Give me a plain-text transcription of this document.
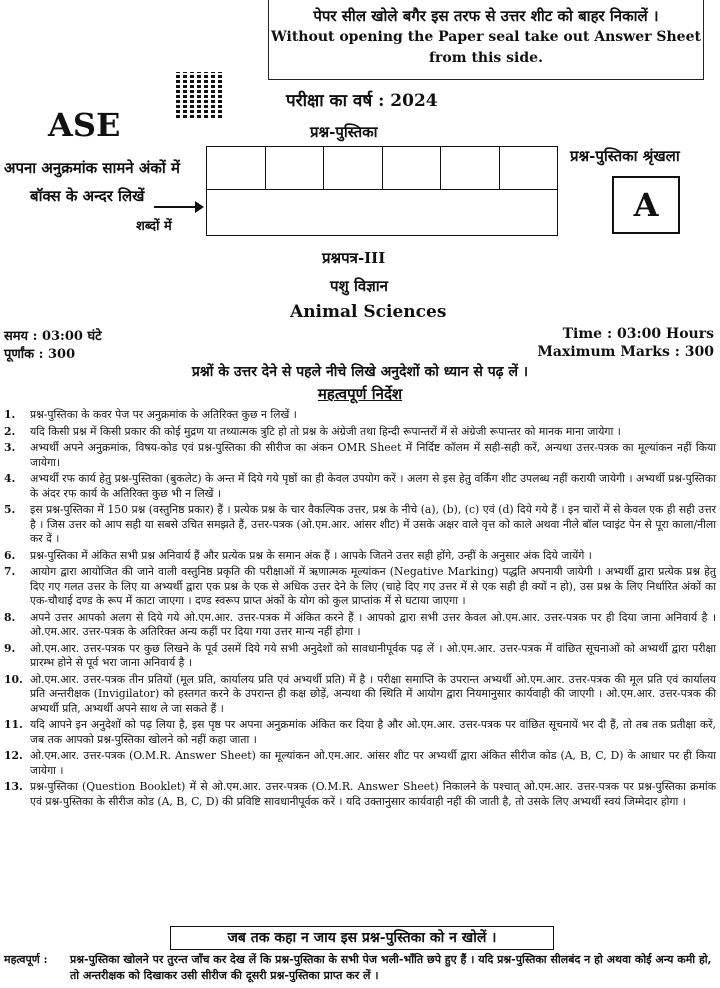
पेपर सील खोले बगैर इस तरफ से उत्तर शीट को बाहर निकालें ।
Without opening the Paper seal take out Answer Sheet
from this side.
ASE
परीक्षा का वर्ष : 2024
प्रश्न-पुस्तिका
प्रश्न-पुस्तिका श्रृंखला
A
अपना अनुक्रमांक सामने अंकों में
बॉक्स के अन्दर लिखें
शब्दों में
प्रश्नपत्र-III
पशु विज्ञान
Animal Sciences
समय : 03:00 घंटे
पूर्णांक : 300
Time : 03:00 Hours
Maximum Marks : 300
प्रश्नों के उत्तर देने से पहले नीचे लिखे अनुदेशों को ध्यान से पढ़ लें ।
महत्वपूर्ण निर्देश
1.	प्रश्न-पुस्तिका के कवर पेज पर अनुक्रमांक के अतिरिक्त कुछ न लिखें ।
2.	यदि किसी प्रश्न में किसी प्रकार की कोई मुद्रण या तथ्यात्मक त्रुटि हो तो प्रश्न के अंग्रेजी तथा हिन्दी रूपान्तरों में से अंग्रेजी रूपान्तर को मानक माना जायेगा ।
3.	अभ्यर्थी अपने अनुक्रमांक, विषय-कोड एवं प्रश्न-पुस्तिका की सीरीज का अंकन OMR Sheet में निर्दिष्ट कॉलम में सही-सही करें, अन्यथा उत्तर-पत्रक का मूल्यांकन नहीं किया जायेगा।
4.	अभ्यर्थी रफ कार्य हेतु प्रश्न-पुस्तिका (बुकलेट) के अन्त में दिये गये पृष्ठों का ही केवल उपयोग करें । अलग से इस हेतु वर्किंग शीट उपलब्ध नहीं करायी जायेगी । अभ्यर्थी प्रश्न-पुस्तिका के अंदर रफ कार्य के अतिरिक्त कुछ भी न लिखें ।
5.	इस प्रश्न-पुस्तिका में 150 प्रश्न (वस्तुनिष्ठ प्रकार) हैं । प्रत्येक प्रश्न के चार वैकल्पिक उत्तर, प्रश्न के नीचे (a), (b), (c) एवं (d) दिये गये हैं । इन चारों में से केवल एक ही सही उत्तर है । जिस उत्तर को आप सही या सबसे उचित समझते हैं, उत्तर-पत्रक (ओ.एम.आर. आंसर शीट) में उसके अक्षर वाले वृत्त को काले अथवा नीले बॉल प्वाइंट पेन से पूरा काला/नीला कर दें ।
6.	प्रश्न-पुस्तिका में अंकित सभी प्रश्न अनिवार्य हैं और प्रत्येक प्रश्न के समान अंक हैं । आपके जितने उत्तर सही होंगे, उन्हीं के अनुसार अंक दिये जायेंगे ।
7.	आयोग द्वारा आयोजित की जाने वाली वस्तुनिष्ठ प्रकृति की परीक्षाओं में ऋणात्मक मूल्यांकन (Negative Marking) पद्धति अपनायी जायेगी । अभ्यर्थी द्वारा प्रत्येक प्रश्न हेतु दिए गए गलत उत्तर के लिए या अभ्यर्थी द्वारा एक प्रश्न के एक से अधिक उत्तर देने के लिए (चाहे दिए गए उत्तर में से एक सही ही क्यों न हो), उस प्रश्न के लिए निर्धारित अंकों का एक-चौथाई दण्ड के रूप में काटा जाएगा । दण्ड स्वरूप प्राप्त अंकों के योग को कुल प्राप्तांक में से घटाया जाएगा ।
8.	अपने उत्तर आपको अलग से दिये गये ओ.एम.आर. उत्तर-पत्रक में अंकित करने हैं । आपको द्वारा सभी उत्तर केवल ओ.एम.आर. उत्तर-पत्रक पर ही दिया जाना अनिवार्य है । ओ.एम.आर. उत्तर-पत्रक के अतिरिक्त अन्य कहीं पर दिया गया उत्तर मान्य नहीं होगा ।
9.	ओ.एम.आर. उत्तर-पत्रक पर कुछ लिखने के पूर्व उसमें दिये गये सभी अनुदेशों को सावधानीपूर्वक पढ़ लें । ओ.एम.आर. उत्तर-पत्रक में वांछित सूचनाओं को अभ्यर्थी द्वारा परीक्षा प्रारम्भ होने से पूर्व भरा जाना अनिवार्य है ।
10. ओ.एम.आर. उत्तर-पत्रक तीन प्रतियों (मूल प्रति, कार्यालय प्रति एवं अभ्यर्थी प्रति) में है । परीक्षा समाप्ति के उपरान्त अभ्यर्थी ओ.एम.आर. उत्तर-पत्रक की मूल प्रति एवं कार्यालय प्रति अन्तरीक्षक (Invigilator) को हस्तगत करने के उपरान्त ही कक्ष छोड़ें, अन्यथा की स्थिति में आयोग द्वारा नियमानुसार कार्यवाही की जाएगी । ओ.एम.आर. उत्तर-पत्रक की अभ्यर्थी प्रति, अभ्यर्थी अपने साथ ले जा सकते हैं ।
11. यदि आपने इन अनुदेशों को पढ़ लिया है, इस पृष्ठ पर अपना अनुक्रमांक अंकित कर दिया है और ओ.एम.आर. उत्तर-पत्रक पर वांछित सूचनायें भर दी हैं, तो तब तक प्रतीक्षा करें, जब तक आपको प्रश्न-पुस्तिका खोलने को नहीं कहा जाता ।
12. ओ.एम.आर. उत्तर-पत्रक (O.M.R. Answer Sheet) का मूल्यांकन ओ.एम.आर. आंसर शीट पर अभ्यर्थी द्वारा अंकित सीरीज कोड (A, B, C, D) के आधार पर ही किया जायेगा ।
13. प्रश्न-पुस्तिका (Question Booklet) में से ओ.एम.आर. उत्तर-पत्रक (O.M.R. Answer Sheet) निकालने के पश्चात् ओ.एम.आर. उत्तर-पत्रक पर प्रश्न-पुस्तिका क्रमांक एवं प्रश्न-पुस्तिका के सीरीज कोड (A, B, C, D) की प्रविष्टि सावधानीपूर्वक करें । यदि उक्तानुसार कार्यवाही नहीं की जाती है, तो उसके लिए अभ्यर्थी स्वयं जिम्मेदार होगा ।
जब तक कहा न जाय इस प्रश्न-पुस्तिका को न खोलें ।
महत्वपूर्ण :	प्रश्न-पुस्तिका खोलने पर तुरन्त जाँच कर देख लें कि प्रश्न-पुस्तिका के सभी पेज भली-भाँति छपे हुए हैं । यदि प्रश्न-पुस्तिका सीलबंद न हो अथवा कोई अन्य कमी हो, तो अन्तरीक्षक को दिखाकर उसी सीरीज की दूसरी प्रश्न-पुस्तिका प्राप्त कर लें ।
